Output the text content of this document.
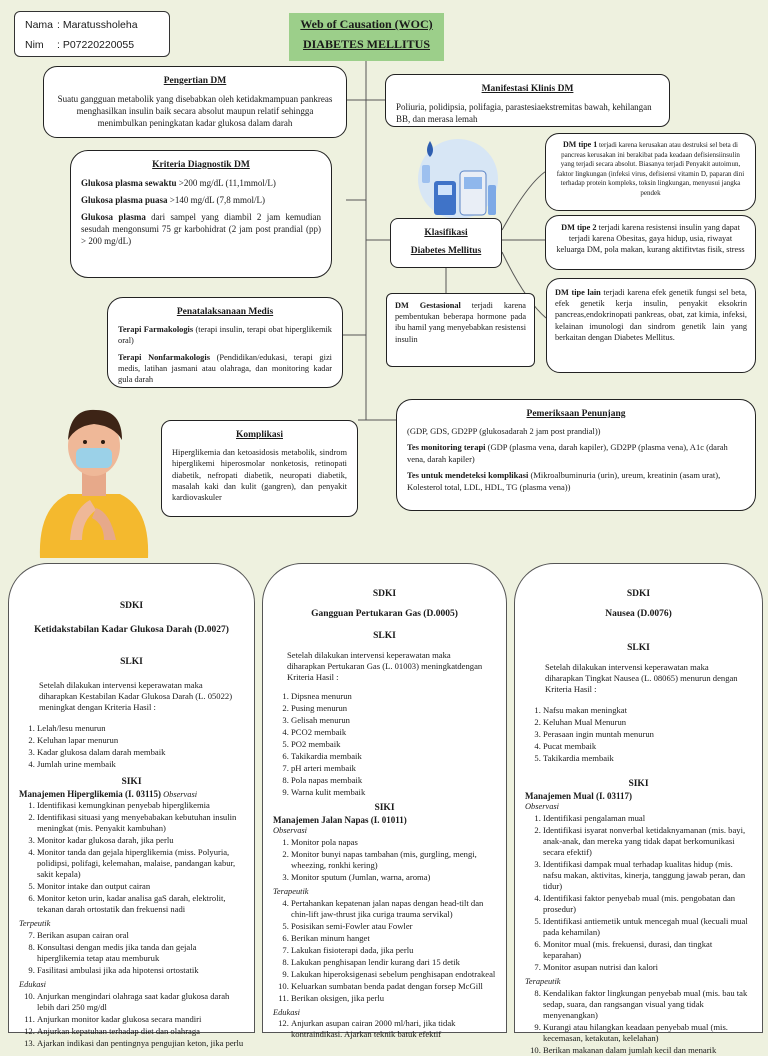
Nama : Maratussholeha
Nim : P07220220055
Web of Causation (WOC)
DIABETES MELLITUS
Pengertian DM
Suatu gangguan metabolik yang disebabkan oleh ketidakmampuan pankreas menghasilkan insulin baik secara absolut maupun relatif sehingga menimbulkan peningkatan kadar glukosa dalam darah
Manifestasi Klinis DM
Poliuria, polidipsia, polifagia, parastesiaekstremitas bawah, kehilangan BB, dan merasa lemah
Kriteria Diagnostik DM

Glukosa plasma sewaktu >200 mg/dL (11,1mmol/L)

Glukosa plasma puasa >140 mg/dL (7,8 mmol/L)

Glukosa plasma dari sampel yang diambil 2 jam kemudian sesudah mengonsumi 75 gr karbohidrat (2 jam post prandial (pp) > 200 mg/dL)

Klasifikasi
Diabetes Mellitus
DM tipe 1 terjadi karena kerusakan atau destruksi sel beta di pancreas kerusakan ini berakibat pada keadaan defisiensiinsulin yang terjadi secara absolut. Biasanya terjadi Penyakit autoimun, faktor lingkungan (infeksi virus, defisiensi vitamin D, paparan dini terhadap protein kompleks, toksin lingkungan, menyusui jangka pendek
DM tipe 2 terjadi karena resistensi insulin yang dapat terjadi karena Obesitas, gaya hidup, usia, riwayat keluarga DM, pola makan, kurang aktifitvtas fisik, stress
DM tipe lain terjadi karena efek genetik fungsi sel beta, efek genetik kerja insulin, penyakit eksokrin pancreas,endokrinopati pankreas, obat, zat kimia, infeksi, kelainan imunologi dan sindrom genetik lain yang berkaitan dengan Diabetes Mellitus.
DM Gestasional terjadi karena pembentukan beberapa hormone pada ibu hamil yang menyebabkan resistensi insulin
Penatalaksanaan Medis

Terapi Farmakologis (terapi insulin, terapi obat hiperglikemik oral)

Terapi Nonfarmakologis (Pendidikan/edukasi, terapi gizi medis, latihan jasmani atau olahraga, dan monitoring kadar gula darah

Komplikasi
Hiperglikemia dan ketoasidosis metabolik, sindrom hiperglikemi hiperosmolar nonketosis, retinopati diabetik, nefropati diabetik, neuropati diabetik, masalah kaki dan kulit (gangren), dan penyakit kardiovaskuler
Pemeriksaan Penunjang

(GDP, GDS, GD2PP (glukosadarah 2 jam post prandial))

Tes monitoring terapi (GDP (plasma vena, darah kapiler), GD2PP (plasma vena), A1c (darah vena, darah kapiler)

Tes untuk mendeteksi komplikasi (Mikroalbuminuria (urin), ureum, kreatinin (asam urat), Kolesterol total, LDL, HDL, TG (plasma vena))

SDKI
Ketidakstabilan Kadar Glukosa Darah (D.0027)
SLKI
Setelah dilakukan intervensi keperawatan maka diharapkan Kestabilan Kadar Glukosa Darah (L. 05022) meningkat dengan Kriteria Hasil :
1. Lelah/lesu menurun
2. Keluhan lapar menurun
3. Kadar glukosa dalam darah membaik
4. Jumlah urine membaik
SIKI
Manajemen Hiperglikemia (I. 03115) Observasi
1. Identifikasi kemungkinan penyebab hiperglikemia
2. Identifikasi situasi yang menyebabakan kebutuhan insulin meningkat (mis. Penyakit kambuhan)
3. Monitor kadar glukosa darah, jika perlu
4. Monitor tanda dan gejala hiperglikemia (miss. Polyuria, polidipsi, polifagi, kelemahan, malaise, pandangan kabur, sakit kepala)
5. Monitor intake dan output cairan
6. Monitor keton urin, kadar analisa gaS darah, elektrolit, tekanan darah ortostatik dan frekuensi nadi
Terpeutik
7. Berikan asupan cairan oral
8. Konsultasi dengan medis jika tanda dan gejala hiperglikemia tetap atau memburuk
9. Fasilitasi ambulasi jika ada hipotensi ortostatik
Edukasi
10. Anjurkan mengindari olahraga saat kadar glukosa darah lebih dari 250 mg/dl
11. Anjurkan monitor kadar glukosa secara mandiri
12. Anjurkan kepatuhan terhadap diet dan olahraga
13. Ajarkan indikasi dan pentingnya pengujian keton, jika perlu
SDKI
Gangguan Pertukaran Gas (D.0005)
SLKI
Setelah dilakukan intervensi keperawatan maka diharapkan Pertukaran Gas (L. 01003) meningkatdengan Kriteria Hasil :
1. Dipsnea menurun
2. Pusing menurun
3. Gelisah menurun
4. PCO2 membaik
5. PO2 membaik
6. Takikardia membaik
7. pH arteri membaik
8. Pola napas membaik
9. Warna kulit membaik
SIKI
Manajemen Jalan Napas (I. 01011)
Observasi
1. Monitor pola napas
2. Monitor bunyi napas tambahan (mis, gurgling, mengi, wheezing, ronkhi kering)
3. Monitor sputum (Jumlan, warna, aroma)
Terapeutik
4. Pertahankan kepatenan jalan napas dengan head-tilt dan chin-lift jaw-thrust jika curiga trauma servikal)
5. Posisikan semi-Fowler atau Fowler
6. Berikan minum hanget
7. Lakukan fisioterapi dada, jika perlu
8. Lakukan penghisapan lendir kurang dari 15 detik
9. Lakukan hiperoksigenasi sebelum penghisapan endotrakeal
10. Keluarkan sumbatan benda padat dengan forsep McGill
11. Berikan oksigen, jika perlu
Edukasi
12. Anjurkan asupan cairan 2000 ml/hari, jika tidak kontraindikasi. Ajarkan teknik batuk efektif
SDKI
Nausea (D.0076)
SLKI
Setelah dilakukan intervensi keperawatan maka diharapkan Tingkat Nausea (L. 08065) menurun dengan Kriteria Hasil :
1. Nafsu makan meningkat
2. Keluhan Mual Menurun
3. Perasaan ingin muntah menurun
4. Pucat membaik
5. Takikardia membaik
SIKI
Manajemen Mual (I. 03117)
Observasi
1. Identifikasi pengalaman mual
2. Identifikasi isyarat nonverbal ketidaknyamanan (mis. bayi, anak-anak, dan mereka yang tidak dapat berkomunikasi secara efektif)
3. Identifikasi dampak mual terhadap kualitas hidup (mis. nafsu makan, aktivitas, kinerja, tanggung jawab peran, dan tidur)
4. Identifikasi faktor penyebab mual (mis. pengobatan dan prosedur)
5. Identifikasi antiemetik untuk mencegah mual (kecuali mual pada kehamilan)
6. Monitor mual (mis. frekuensi, durasi, dan tingkat keparahan)
7. Monitor asupan nutrisi dan kalori
Terapeutik
8. Kendalikan faktor lingkungan penyebab mual (mis. bau tak sedap, suara, dan rangsangan visual yang tidak menyenangkan)
9. Kurangi atau hilangkan keadaan penyebab mual (mis. kecemasan, ketakutan, kelelahan)
10. Berikan makanan dalam jumlah kecil dan menarik
